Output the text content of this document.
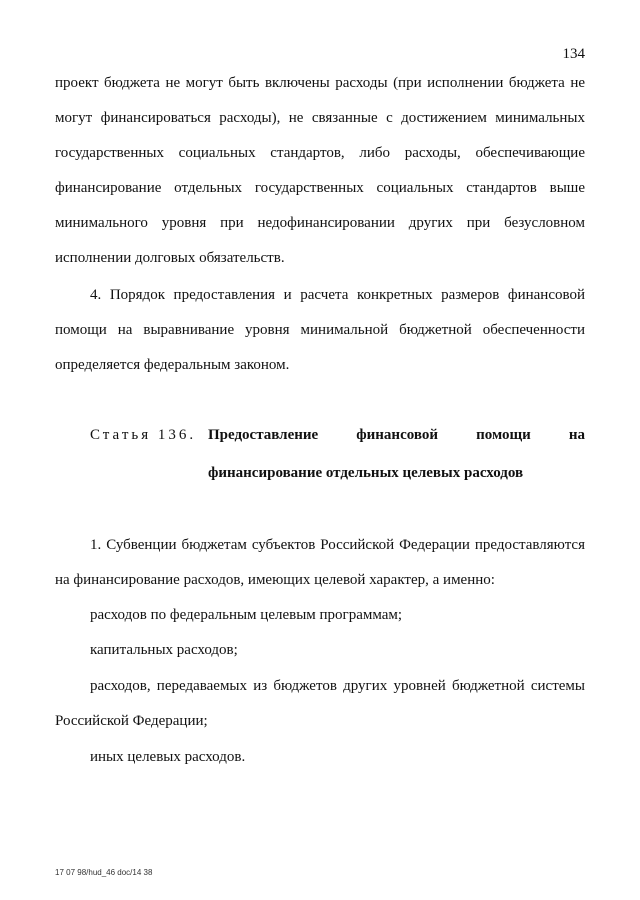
134
проект бюджета не могут быть включены расходы (при исполнении бюджета не
могут финансироваться расходы), не связанные с достижением минимальных
государственных социальных стандартов, либо расходы, обеспечивающие
финансирование отдельных государственных социальных стандартов выше
минимального уровня при недофинансировании других при безусловном
исполнении долговых обязательств.
4. Порядок предоставления и расчета конкретных размеров финансовой
помощи на выравнивание уровня минимальной бюджетной обеспеченности
определяется федеральным законом.
Статья 136. Предоставление финансовой помощи на
финансирование отдельных целевых расходов
1. Субвенции бюджетам субъектов Российской Федерации предоставляются
на финансирование расходов, имеющих целевой характер, а именно:
расходов по федеральным целевым программам;
капитальных расходов;
расходов, передаваемых из бюджетов других уровней бюджетной системы
Российской Федерации;
иных целевых расходов.
17 07 98/hud_46 doc/14 38
